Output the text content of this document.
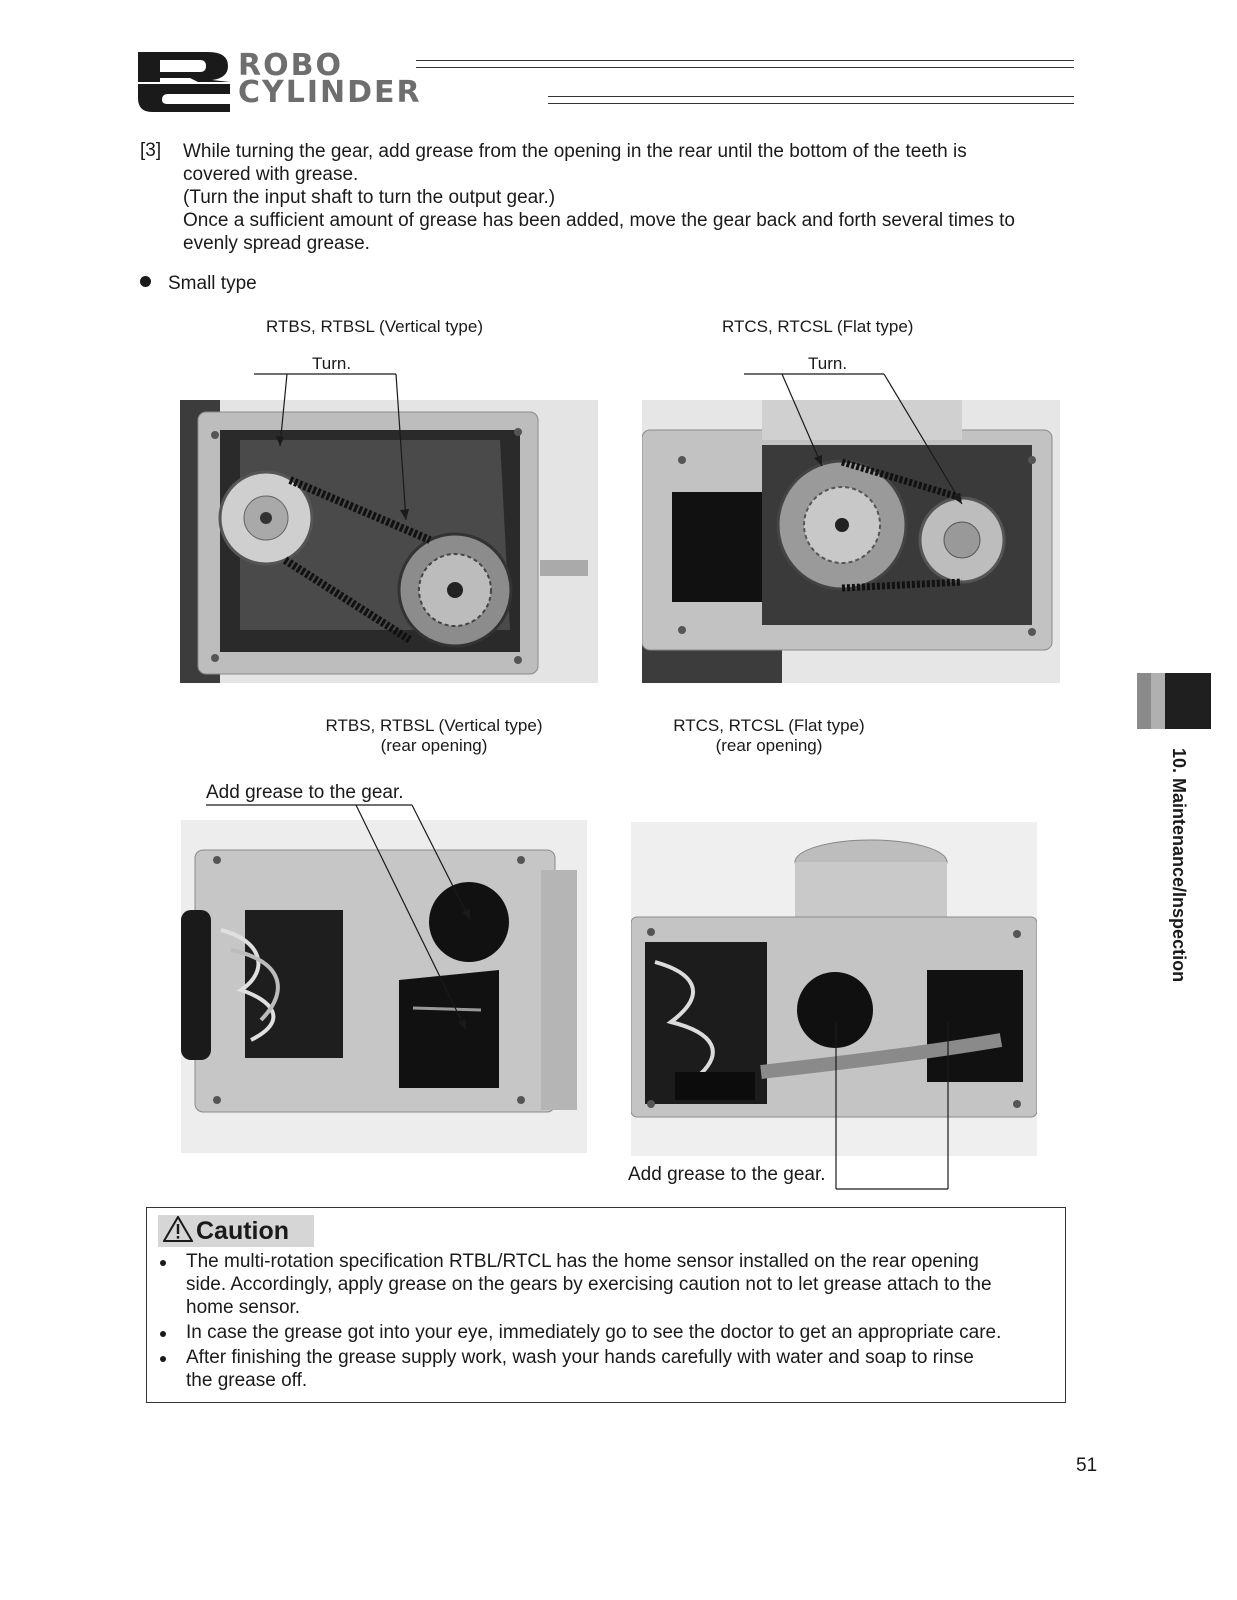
ROBO
CYLINDER
[3] While turning the gear, add grease from the opening in the rear until the bottom of the teeth is

covered with grease.

(Turn the input shaft to turn the output gear.)

Once a sufficient amount of grease has been added, move the gear back and forth several times to

evenly spread grease.

Small type
RTBS, RTBSL (Vertical type)	RTCS, RTCSL (Flat type)
Turn.	Turn.
RTBS, RTBSL (Vertical type)
(rear opening)
RTCS, RTCSL (Flat type)
(rear opening)
Add grease to the gear.
Add grease to the gear.
Caution
The multi-rotation specification RTBL/RTCL has the home sensor installed on the rear opening
side. Accordingly, apply grease on the gears by exercising caution not to let grease attach to the
home sensor.
In case the grease got into your eye, immediately go to see the doctor to get an appropriate care.
After finishing the grease supply work, wash your hands carefully with water and soap to rinse
the grease off.
10. Maintenance/Inspection
51
